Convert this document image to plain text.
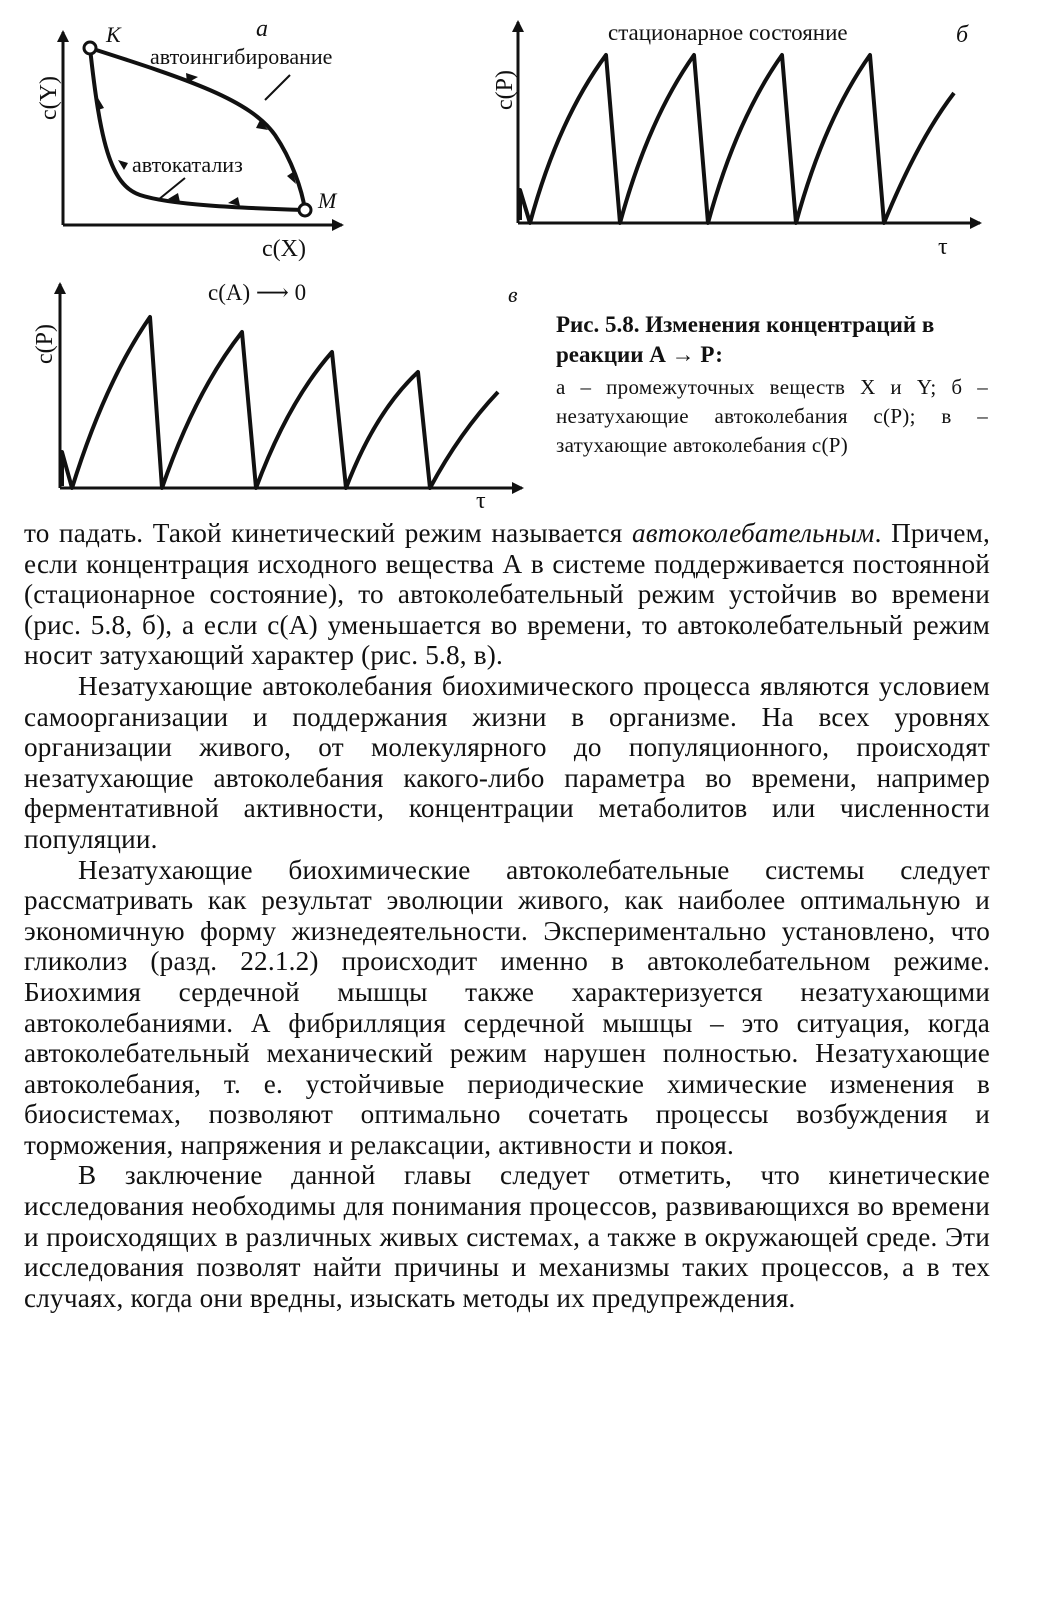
а
K
M
автоингибирование
автокатализ
c(X)
c(Y)
стационарное состояние	б
τ
c(P)
c(A) ⟶ 0	в
τ
c(P)	Рис. 5.8. Изменения концентраций в реакции А → Р:
а – промежуточных веществ X и Y; б – незатухающие автоколебания c(P); в – затухающие автоколебания c(P)

то падать. Такой кинетический режим называется автоколебательным. Причем, если концентрация исходного вещества А в системе поддерживается постоянной (стационарное состояние), то автоколебательный режим устойчив во времени (рис. 5.8, б), а если c(A) уменьшается во времени, то автоколебательный режим носит затухающий характер (рис. 5.8, в).

Незатухающие автоколебания биохимического процесса являются условием самоорганизации и поддержания жизни в организме. На всех уровнях организации живого, от молекулярного до популяционного, происходят незатухающие автоколебания какого-либо параметра во времени, например ферментативной активности, концентрации метаболитов или численности популяции.

Незатухающие биохимические автоколебательные системы следует рассматривать как результат эволюции живого, как наиболее оптимальную и экономичную форму жизнедеятельности. Экспериментально установлено, что гликолиз (разд. 22.1.2) происходит именно в автоколебательном режиме. Биохимия сердечной мышцы также характеризуется незатухающими автоколебаниями. А фибрилляция сердечной мышцы – это ситуация, когда автоколебательный механический режим нарушен полностью. Незатухающие автоколебания, т. е. устойчивые периодические химические изменения в биосистемах, позволяют оптимально сочетать процессы возбуждения и торможения, напряжения и релаксации, активности и покоя.

В заключение данной главы следует отметить, что кинетические исследования необходимы для понимания процессов, развивающихся во времени и происходящих в различных живых системах, а также в окружающей среде. Эти исследования позволят найти причины и механизмы таких процессов, а в тех случаях, когда они вредны, изыскать методы их предупреждения.
